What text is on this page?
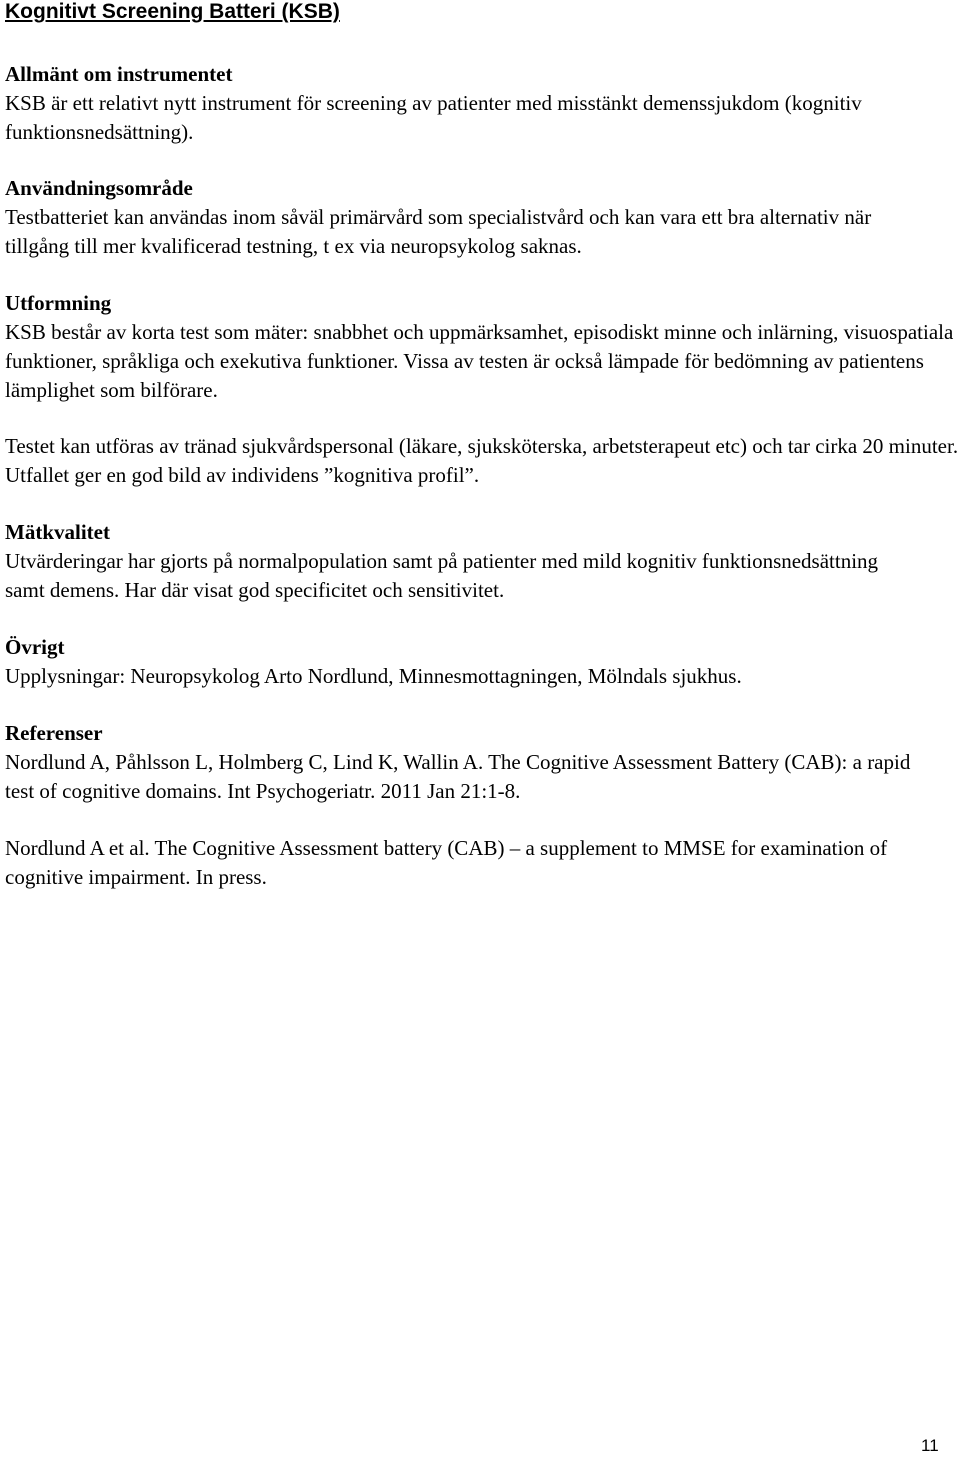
Kognitivt Screening Batteri (KSB)

Allmänt om instrumentet

KSB är ett relativt nytt instrument för screening av patienter med misstänkt demenssjukdom (kognitiv funktionsnedsättning).

Användningsområde

Testbatteriet kan användas inom såväl primärvård som specialistvård och kan vara ett bra alternativ när tillgång till mer kvalificerad testning, t ex via neuropsykolog saknas.

Utformning

KSB består av korta test som mäter: snabbhet och uppmärksamhet, episodiskt minne och inlärning, visuospatiala funktioner, språkliga och exekutiva funktioner. Vissa av testen är också lämpade för bedömning av patientens lämplighet som bilförare.

Testet kan utföras av tränad sjukvårdspersonal (läkare, sjuksköterska, arbetsterapeut etc) och tar cirka 20 minuter. Utfallet ger en god bild av individens ”kognitiva profil”.

Mätkvalitet

Utvärderingar har gjorts på normalpopulation samt på patienter med mild kognitiv funktionsnedsättning samt demens. Har där visat god specificitet och sensitivitet.

Övrigt

Upplysningar: Neuropsykolog Arto Nordlund, Minnesmottagningen, Mölndals sjukhus.

Referenser

Nordlund A, Påhlsson L, Holmberg C, Lind K, Wallin A. The Cognitive Assessment Battery (CAB): a rapid test of cognitive domains. Int Psychogeriatr. 2011 Jan 21:1-8.

Nordlund A et al. The Cognitive Assessment battery (CAB) – a supplement to MMSE for examination of cognitive impairment. In press.

11
